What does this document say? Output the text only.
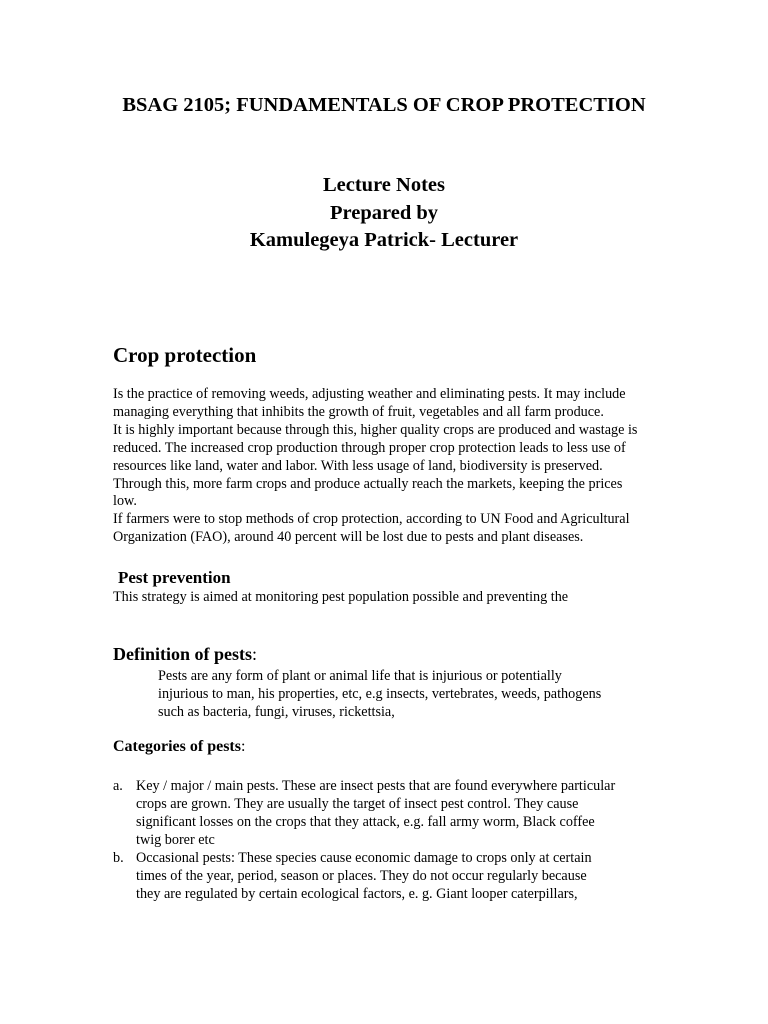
BSAG 2105; FUNDAMENTALS OF CROP PROTECTION
Lecture Notes
Prepared by
Kamulegeya Patrick- Lecturer
Crop protection
Is the practice of removing weeds, adjusting weather and eliminating pests. It may include
managing everything that inhibits the growth of fruit, vegetables and all farm produce.
It is highly important because through this, higher quality crops are produced and wastage is
reduced. The increased crop production through proper crop protection leads to less use of
resources like land, water and labor. With less usage of land, biodiversity is preserved.
Through this, more farm crops and produce actually reach the markets, keeping the prices
low.
If farmers were to stop methods of crop protection, according to UN Food and Agricultural
Organization (FAO), around 40 percent will be lost due to pests and plant diseases.
Pest prevention
This strategy is aimed at monitoring pest population possible and preventing the
Definition of pests:
Pests are any form of plant or animal life that is injurious or potentially
injurious to man, his properties, etc, e.g insects, vertebrates, weeds, pathogens
such as bacteria, fungi, viruses, rickettsia,
Categories of pests:
a. Key / major / main pests. These are insect pests that are found everywhere particular
crops are grown. They are usually the target of insect pest control. They cause
significant losses on the crops that they attack, e.g. fall army worm, Black coffee
twig borer etc
b. Occasional pests: These species cause economic damage to crops only at certain
times of the year, period, season or places. They do not occur regularly because
they are regulated by certain ecological factors, e. g. Giant looper caterpillars,
